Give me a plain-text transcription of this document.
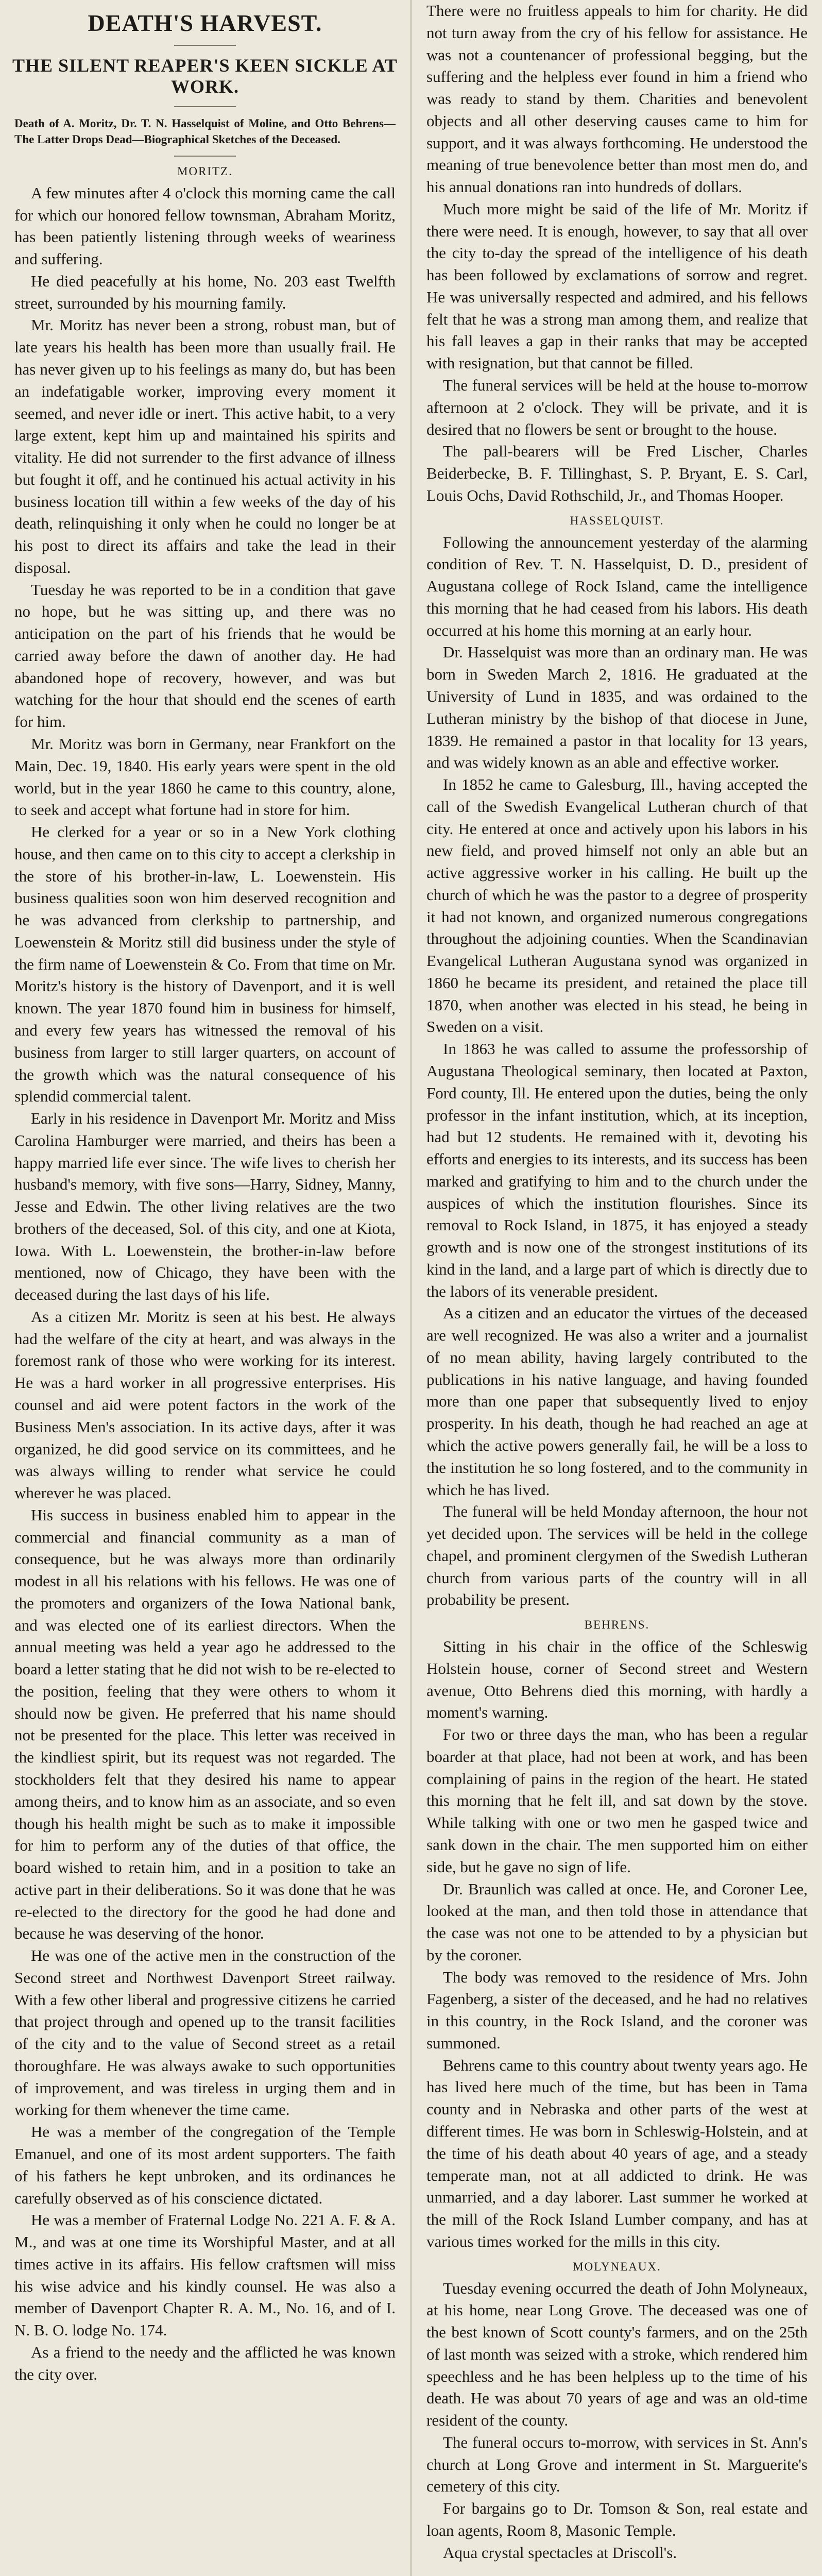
DEATH'S HARVEST.
THE SILENT REAPER'S KEEN SICKLE AT WORK.
Death of A. Moritz, Dr. T. N. Hasselquist of Moline, and Otto Behrens—The Latter Drops Dead—Biographical Sketches of the Deceased.
MORITZ.

A few minutes after 4 o'clock this morning came the call for which our honored fellow townsman, Abraham Moritz, has been patiently listening through weeks of weariness and suffering.

He died peacefully at his home, No. 203 east Twelfth street, surrounded by his mourning family.

Mr. Moritz has never been a strong, robust man, but of late years his health has been more than usually frail. He has never given up to his feelings as many do, but has been an indefatigable worker, improving every moment it seemed, and never idle or inert. This active habit, to a very large extent, kept him up and maintained his spirits and vitality. He did not surrender to the first advance of illness but fought it off, and he continued his actual activity in his business location till within a few weeks of the day of his death, relinquishing it only when he could no longer be at his post to direct its affairs and take the lead in their disposal.

Tuesday he was reported to be in a condition that gave no hope, but he was sitting up, and there was no anticipation on the part of his friends that he would be carried away before the dawn of another day. He had abandoned hope of recovery, however, and was but watching for the hour that should end the scenes of earth for him.

Mr. Moritz was born in Germany, near Frankfort on the Main, Dec. 19, 1840. His early years were spent in the old world, but in the year 1860 he came to this country, alone, to seek and accept what fortune had in store for him.

He clerked for a year or so in a New York clothing house, and then came on to this city to accept a clerkship in the store of his brother-in-law, L. Loewenstein. His business qualities soon won him deserved recognition and he was advanced from clerkship to partnership, and Loewenstein & Moritz still did business under the style of the firm name of Loewenstein & Co. From that time on Mr. Moritz's history is the history of Davenport, and it is well known. The year 1870 found him in business for himself, and every few years has witnessed the removal of his business from larger to still larger quarters, on account of the growth which was the natural consequence of his splendid commercial talent.

Early in his residence in Davenport Mr. Moritz and Miss Carolina Hamburger were married, and theirs has been a happy married life ever since. The wife lives to cherish her husband's memory, with five sons—Harry, Sidney, Manny, Jesse and Edwin. The other living relatives are the two brothers of the deceased, Sol. of this city, and one at Kiota, Iowa. With L. Loewenstein, the brother-in-law before mentioned, now of Chicago, they have been with the deceased during the last days of his life.

As a citizen Mr. Moritz is seen at his best. He always had the welfare of the city at heart, and was always in the foremost rank of those who were working for its interest. He was a hard worker in all progressive enterprises. His counsel and aid were potent factors in the work of the Business Men's association. In its active days, after it was organized, he did good service on its committees, and he was always willing to render what service he could wherever he was placed.

His success in business enabled him to appear in the commercial and financial community as a man of consequence, but he was always more than ordinarily modest in all his relations with his fellows. He was one of the promoters and organizers of the Iowa National bank, and was elected one of its earliest directors. When the annual meeting was held a year ago he addressed to the board a letter stating that he did not wish to be re-elected to the position, feeling that they were others to whom it should now be given. He preferred that his name should not be presented for the place. This letter was received in the kindliest spirit, but its request was not regarded. The stockholders felt that they desired his name to appear among theirs, and to know him as an associate, and so even though his health might be such as to make it impossible for him to perform any of the duties of that office, the board wished to retain him, and in a position to take an active part in their deliberations. So it was done that he was re-elected to the directory for the good he had done and because he was deserving of the honor.

He was one of the active men in the construction of the Second street and Northwest Davenport Street railway. With a few other liberal and progressive citizens he carried that project through and opened up to the transit facilities of the city and to the value of Second street as a retail thoroughfare. He was always awake to such opportunities of improvement, and was tireless in urging them and in working for them whenever the time came.

He was a member of the congregation of the Temple Emanuel, and one of its most ardent supporters. The faith of his fathers he kept unbroken, and its ordinances he carefully observed as of his conscience dictated.

He was a member of Fraternal Lodge No. 221 A. F. & A. M., and was at one time its Worshipful Master, and at all times active in its affairs. His fellow craftsmen will miss his wise advice and his kindly counsel. He was also a member of Davenport Chapter R. A. M., No. 16, and of I. N. B. O. lodge No. 174.

As a friend to the needy and the afflicted he was known the city over.

There were no fruitless appeals to him for charity. He did not turn away from the cry of his fellow for assistance. He was not a countenancer of professional begging, but the suffering and the helpless ever found in him a friend who was ready to stand by them. Charities and benevolent objects and all other deserving causes came to him for support, and it was always forthcoming. He understood the meaning of true benevolence better than most men do, and his annual donations ran into hundreds of dollars.

Much more might be said of the life of Mr. Moritz if there were need. It is enough, however, to say that all over the city to-day the spread of the intelligence of his death has been followed by exclamations of sorrow and regret. He was universally respected and admired, and his fellows felt that he was a strong man among them, and realize that his fall leaves a gap in their ranks that may be accepted with resignation, but that cannot be filled.

The funeral services will be held at the house to-morrow afternoon at 2 o'clock. They will be private, and it is desired that no flowers be sent or brought to the house.

The pall-bearers will be Fred Lischer, Charles Beiderbecke, B. F. Tillinghast, S. P. Bryant, E. S. Carl, Louis Ochs, David Rothschild, Jr., and Thomas Hooper.

HASSELQUIST.

Following the announcement yesterday of the alarming condition of Rev. T. N. Hasselquist, D. D., president of Augustana college of Rock Island, came the intelligence this morning that he had ceased from his labors. His death occurred at his home this morning at an early hour.

Dr. Hasselquist was more than an ordinary man. He was born in Sweden March 2, 1816. He graduated at the University of Lund in 1835, and was ordained to the Lutheran ministry by the bishop of that diocese in June, 1839. He remained a pastor in that locality for 13 years, and was widely known as an able and effective worker.

In 1852 he came to Galesburg, Ill., having accepted the call of the Swedish Evangelical Lutheran church of that city. He entered at once and actively upon his labors in his new field, and proved himself not only an able but an active aggressive worker in his calling. He built up the church of which he was the pastor to a degree of prosperity it had not known, and organized numerous congregations throughout the adjoining counties. When the Scandinavian Evangelical Lutheran Augustana synod was organized in 1860 he became its president, and retained the place till 1870, when another was elected in his stead, he being in Sweden on a visit.

In 1863 he was called to assume the professorship of Augustana Theological seminary, then located at Paxton, Ford county, Ill. He entered upon the duties, being the only professor in the infant institution, which, at its inception, had but 12 students. He remained with it, devoting his efforts and energies to its interests, and its success has been marked and gratifying to him and to the church under the auspices of which the institution flourishes. Since its removal to Rock Island, in 1875, it has enjoyed a steady growth and is now one of the strongest institutions of its kind in the land, and a large part of which is directly due to the labors of its venerable president.

As a citizen and an educator the virtues of the deceased are well recognized. He was also a writer and a journalist of no mean ability, having largely contributed to the publications in his native language, and having founded more than one paper that subsequently lived to enjoy prosperity. In his death, though he had reached an age at which the active powers generally fail, he will be a loss to the institution he so long fostered, and to the community in which he has lived.

The funeral will be held Monday afternoon, the hour not yet decided upon. The services will be held in the college chapel, and prominent clergymen of the Swedish Lutheran church from various parts of the country will in all probability be present.

BEHRENS.

Sitting in his chair in the office of the Schleswig Holstein house, corner of Second street and Western avenue, Otto Behrens died this morning, with hardly a moment's warning.

For two or three days the man, who has been a regular boarder at that place, had not been at work, and has been complaining of pains in the region of the heart. He stated this morning that he felt ill, and sat down by the stove. While talking with one or two men he gasped twice and sank down in the chair. The men supported him on either side, but he gave no sign of life.

Dr. Braunlich was called at once. He, and Coroner Lee, looked at the man, and then told those in attendance that the case was not one to be attended to by a physician but by the coroner.

The body was removed to the residence of Mrs. John Fagenberg, a sister of the deceased, and he had no relatives in this country, in the Rock Island, and the coroner was summoned.

Behrens came to this country about twenty years ago. He has lived here much of the time, but has been in Tama county and in Nebraska and other parts of the west at different times. He was born in Schleswig-Holstein, and at the time of his death about 40 years of age, and a steady temperate man, not at all addicted to drink. He was unmarried, and a day laborer. Last summer he worked at the mill of the Rock Island Lumber company, and has at various times worked for the mills in this city.

MOLYNEAUX.

Tuesday evening occurred the death of John Molyneaux, at his home, near Long Grove. The deceased was one of the best known of Scott county's farmers, and on the 25th of last month was seized with a stroke, which rendered him speechless and he has been helpless up to the time of his death. He was about 70 years of age and was an old-time resident of the county.

The funeral occurs to-morrow, with services in St. Ann's church at Long Grove and interment in St. Marguerite's cemetery of this city.

For bargains go to Dr. Tomson & Son, real estate and loan agents, Room 8, Masonic Temple.

Aqua crystal spectacles at Driscoll's.
